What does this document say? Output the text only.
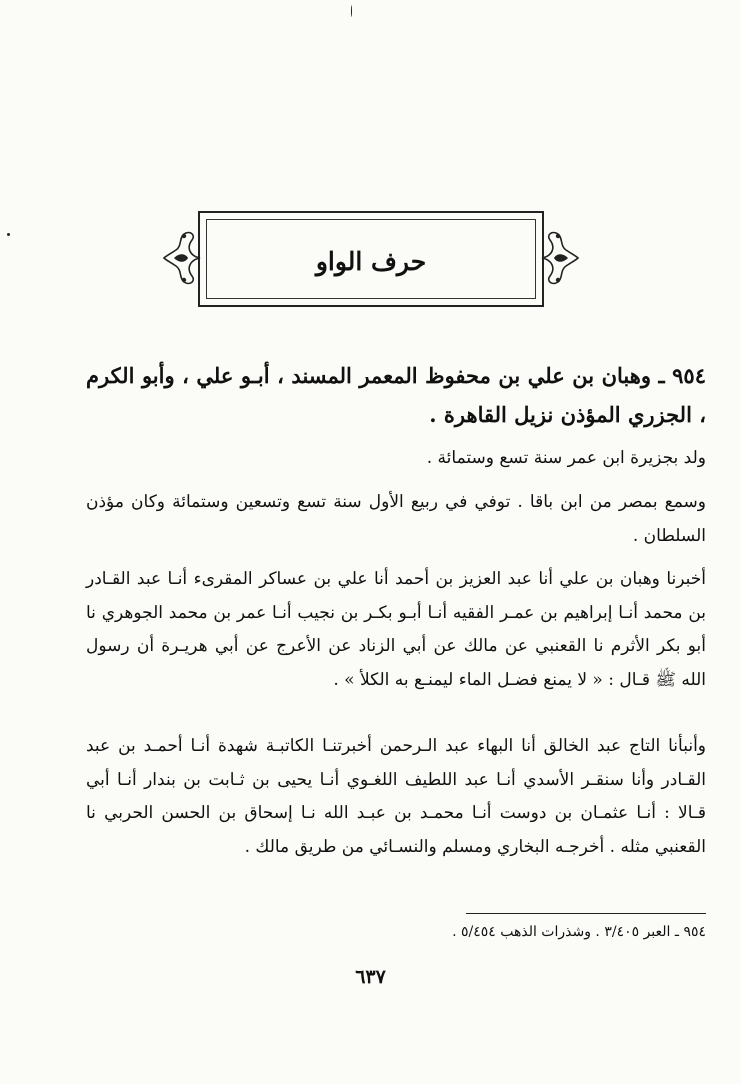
حرف الواو
٩٥٤ ـ وهبان بن علي بن محفوظ المعمر المسند ، أبـو علي ، وأبو الكرم ، الجزري المؤذن نزيل القاهرة .
ولد بجزيرة ابن عمر سنة تسع وستمائة .
وسمع بمصر من ابن باقا . توفي في ربيع الأول سنة تسع وتسعين وستمائة وكان مؤذن السلطان .
أخبرنا وهبان بن علي أنا عبد العزيز بن أحمد أنا علي بن عساكر المقرىء أنـا عبد القـادر بن محمد أنـا إبراهيم بن عمـر الفقيه أنـا أبـو بكـر بن نجيب أنـا عمر بن محمد الجوهري نا أبو بكر الأثرم نا القعنبي عن مالك عن أبي الزناد عن الأعرج عن أبي هريـرة أن رسول الله ﷺ قـال : « لا يمنع فضـل الماء ليمنـع به الكلأ » .
وأنبأنا التاج عبد الخالق أنا البهاء عبد الـرحمن أخبرتنـا الكاتبـة شهدة أنـا أحمـد بن عبد القـادر وأنا سنقـر الأسدي أنـا عبد اللطيف اللغـوي أنـا يحيى بن ثـابت بن بندار أنـا أبي قـالا : أنـا عثمـان بن دوست أنـا محمـد بن عبـد الله نـا إسحاق بن الحسن الحربي نا القعنبي مثله . أخرجـه البخاري ومسلم والنسـائي من طريق مالك .
٩٥٤ ـ العبر ٣/٤٠٥ . وشذرات الذهب ٥/٤٥٤ .
٦٣٧
